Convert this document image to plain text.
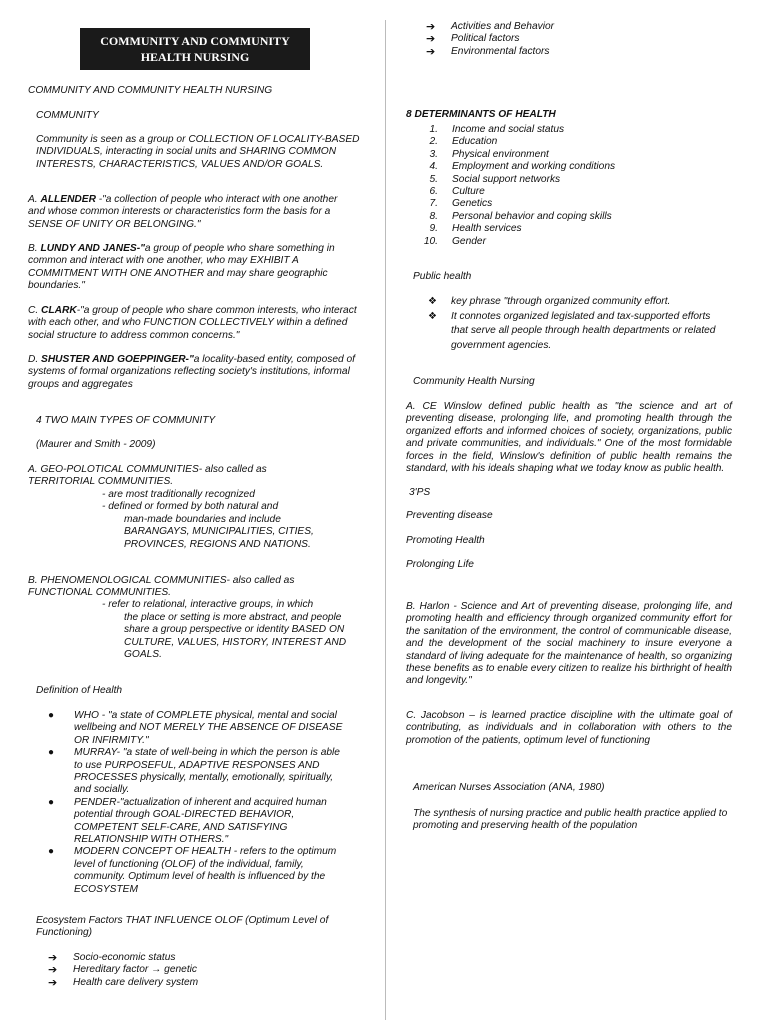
COMMUNITY AND COMMUNITY
HEALTH NURSING

COMMUNITY AND COMMUNITY HEALTH NURSING

COMMUNITY

Community is seen as a group or COLLECTION OF LOCALITY-BASED INDIVIDUALS, interacting in social units and SHARING COMMON INTERESTS, CHARACTERISTICS, VALUES AND/OR GOALS.

A. ALLENDER -"a collection of people who interact with one another and whose common interests or characteristics form the basis for a SENSE OF UNITY OR BELONGING."

B. LUNDY AND JANES-"a group of people who share something in common and interact with one another, who may EXHIBIT A COMMITMENT WITH ONE ANOTHER and may share geographic boundaries."

C. CLARK-"a group of people who share common interests, who interact with each other, and who FUNCTION COLLECTIVELY within a defined social structure to address common concerns."

D. SHUSTER AND GOEPPINGER-"a locality-based entity, composed of systems of formal organizations reflecting society's institutions, informal groups and aggregates

4 TWO MAIN TYPES OF COMMUNITY

(Maurer and Smith - 2009)

A. GEO-POLOTICAL COMMUNITIES- also called as TERRITORIAL COMMUNITIES.

- are most traditionally recognized

- defined or formed by both natural and

man-made boundaries and include BARANGAYS, MUNICIPALITIES, CITIES, PROVINCES, REGIONS AND NATIONS.

B. PHENOMENOLOGICAL COMMUNITIES- also called as FUNCTIONAL COMMUNITIES.

- refer to relational, interactive groups, in which

the place or setting is more abstract, and people share a group perspective or identity BASED ON CULTURE, VALUES, HISTORY, INTEREST AND GOALS.

Definition of Health

● WHO - "a state of COMPLETE physical, mental and social wellbeing and NOT MERELY THE ABSENCE OF DISEASE OR INFIRMITY."
● MURRAY- "a state of well-being in which the person is able to use PURPOSEFUL, ADAPTIVE RESPONSES AND PROCESSES physically, mentally, emotionally, spiritually, and socially.
● PENDER-"actualization of inherent and acquired human potential through GOAL-DIRECTED BEHAVIOR, COMPETENT SELF-CARE, AND SATISFYING RELATIONSHIP WITH OTHERS."
● MODERN CONCEPT OF HEALTH - refers to the optimum level of functioning (OLOF) of the individual, family, community. Optimum level of health is influenced by the ECOSYSTEM

Ecosystem Factors THAT INFLUENCE OLOF (Optimum Level of Functioning)

➔ Socio-economic status
➔ Hereditary factor → genetic
➔ Health care delivery system
➔ Activities and Behavior
➔ Political factors
➔ Environmental factors

8 DETERMINANTS OF HEALTH

1. Income and social status
2. Education
3. Physical environment
4. Employment and working conditions
5. Social support networks
6. Culture
7. Genetics
8. Personal behavior and coping skills
9. Health services
10. Gender

Public health

❖ key phrase "through organized community effort.
❖ It connotes organized legislated and tax-supported efforts that serve all people through health departments or related government agencies.

Community Health Nursing

A. CE Winslow defined public health as "the science and art of preventing disease, prolonging life, and promoting health through the organized efforts and informed choices of society, organizations, public and private communities, and individuals." One of the most formidable forces in the field, Winslow's definition of public health remains the standard, with his ideals shaping what we today know as public health.

3'PS

Preventing disease

Promoting Health

Prolonging Life

B. Harlon - Science and Art of preventing disease, prolonging life, and promoting health and efficiency through organized community effort for the sanitation of the environment, the control of communicable disease, and the development of the social machinery to insure everyone a standard of living adequate for the maintenance of health, so organizing these benefits as to enable every citizen to realize his birthright of health and longevity."

C. Jacobson – is learned practice discipline with the ultimate goal of contributing, as individuals and in collaboration with others to the promotion of the patients, optimum level of functioning

American Nurses Association (ANA, 1980)

The synthesis of nursing practice and public health practice applied to promoting and preserving health of the population
